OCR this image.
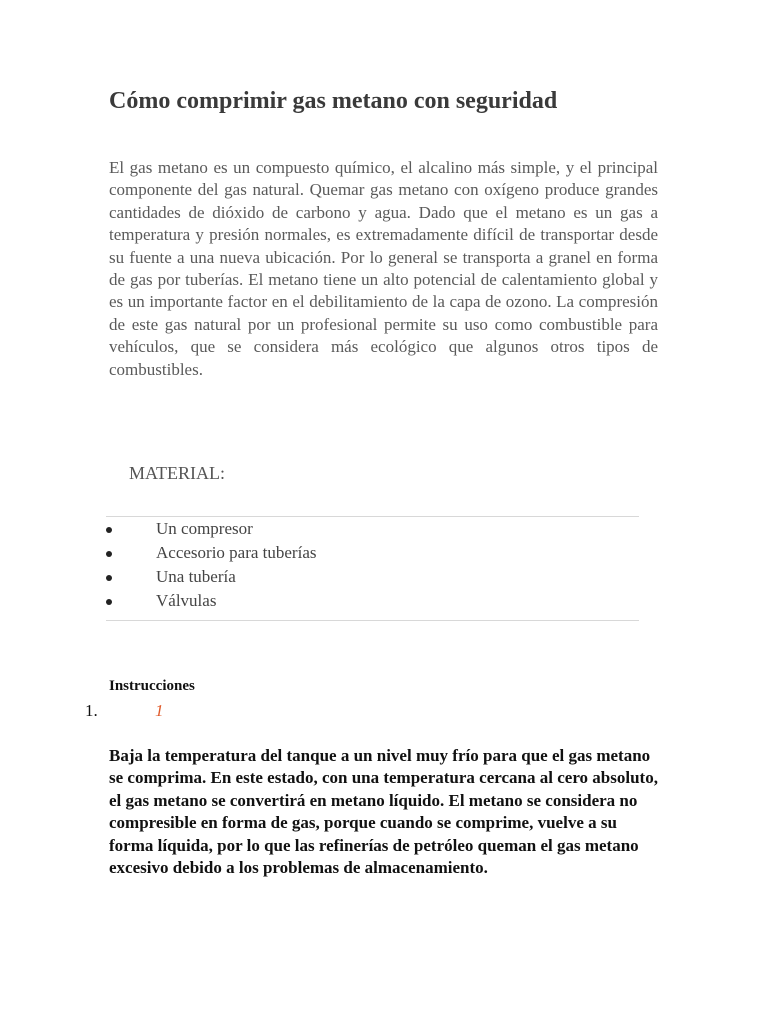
Cómo comprimir gas metano con seguridad

El gas metano es un compuesto químico, el alcalino más simple, y el principal componente del gas natural. Quemar gas metano con oxígeno produce grandes cantidades de dióxido de carbono y agua. Dado que el metano es un gas a temperatura y presión normales, es extremadamente difícil de transportar desde su fuente a una nueva ubicación. Por lo general se transporta a granel en forma de gas por tuberías. El metano tiene un alto potencial de calentamiento global y es un importante factor en el debilitamiento de la capa de ozono. La compresión de este gas natural por un profesional permite su uso como combustible para vehículos, que se considera más ecológico que algunos otros tipos de combustibles.

MATERIAL:
Un compresor
Accesorio para tuberías
Una tubería
Válvulas
Instrucciones
1.	1

Baja la temperatura del tanque a un nivel muy frío para que el gas metano se comprima. En este estado, con una temperatura cercana al cero absoluto, el gas metano se convertirá en metano líquido. El metano se considera no compresible en forma de gas, porque cuando se comprime, vuelve a su forma líquida, por lo que las refinerías de petróleo queman el gas metano excesivo debido a los problemas de almacenamiento.
